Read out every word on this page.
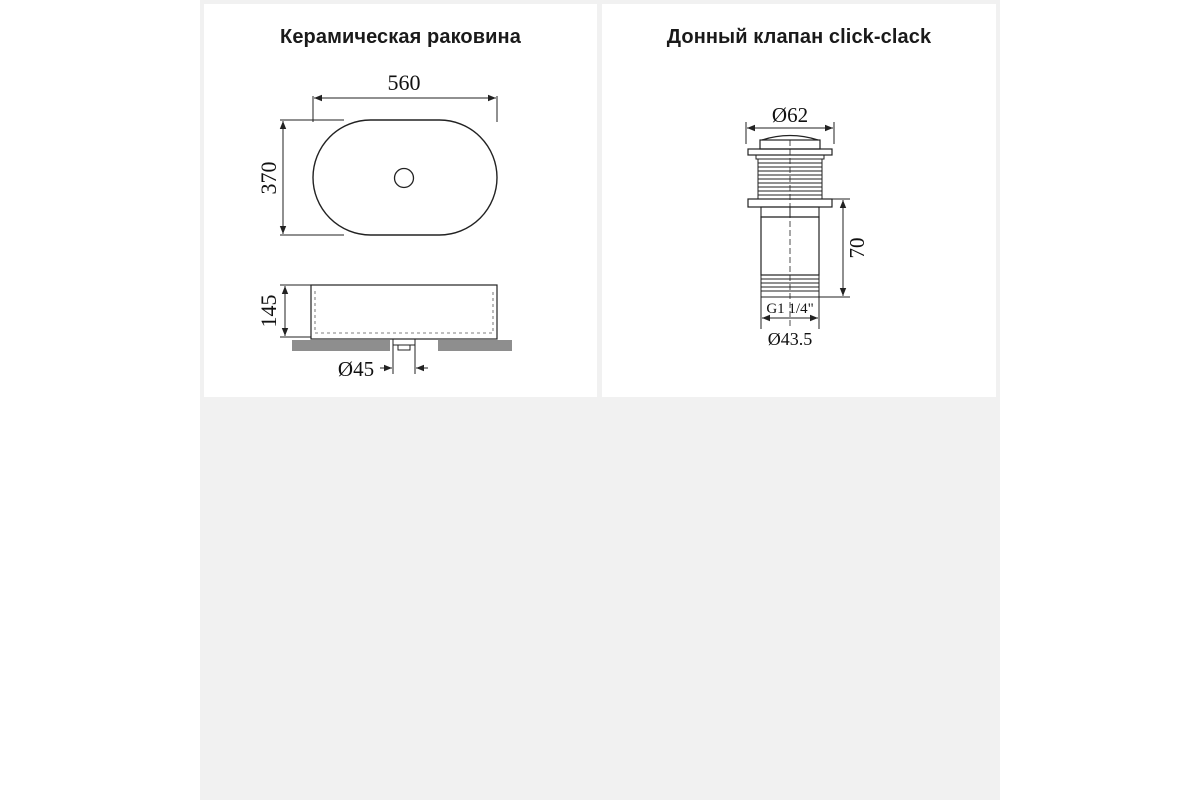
Керамическая раковина
560
370
145
Ø45
Донный клапан click-clack
Ø62
70
G1 1/4"
Ø43.5
